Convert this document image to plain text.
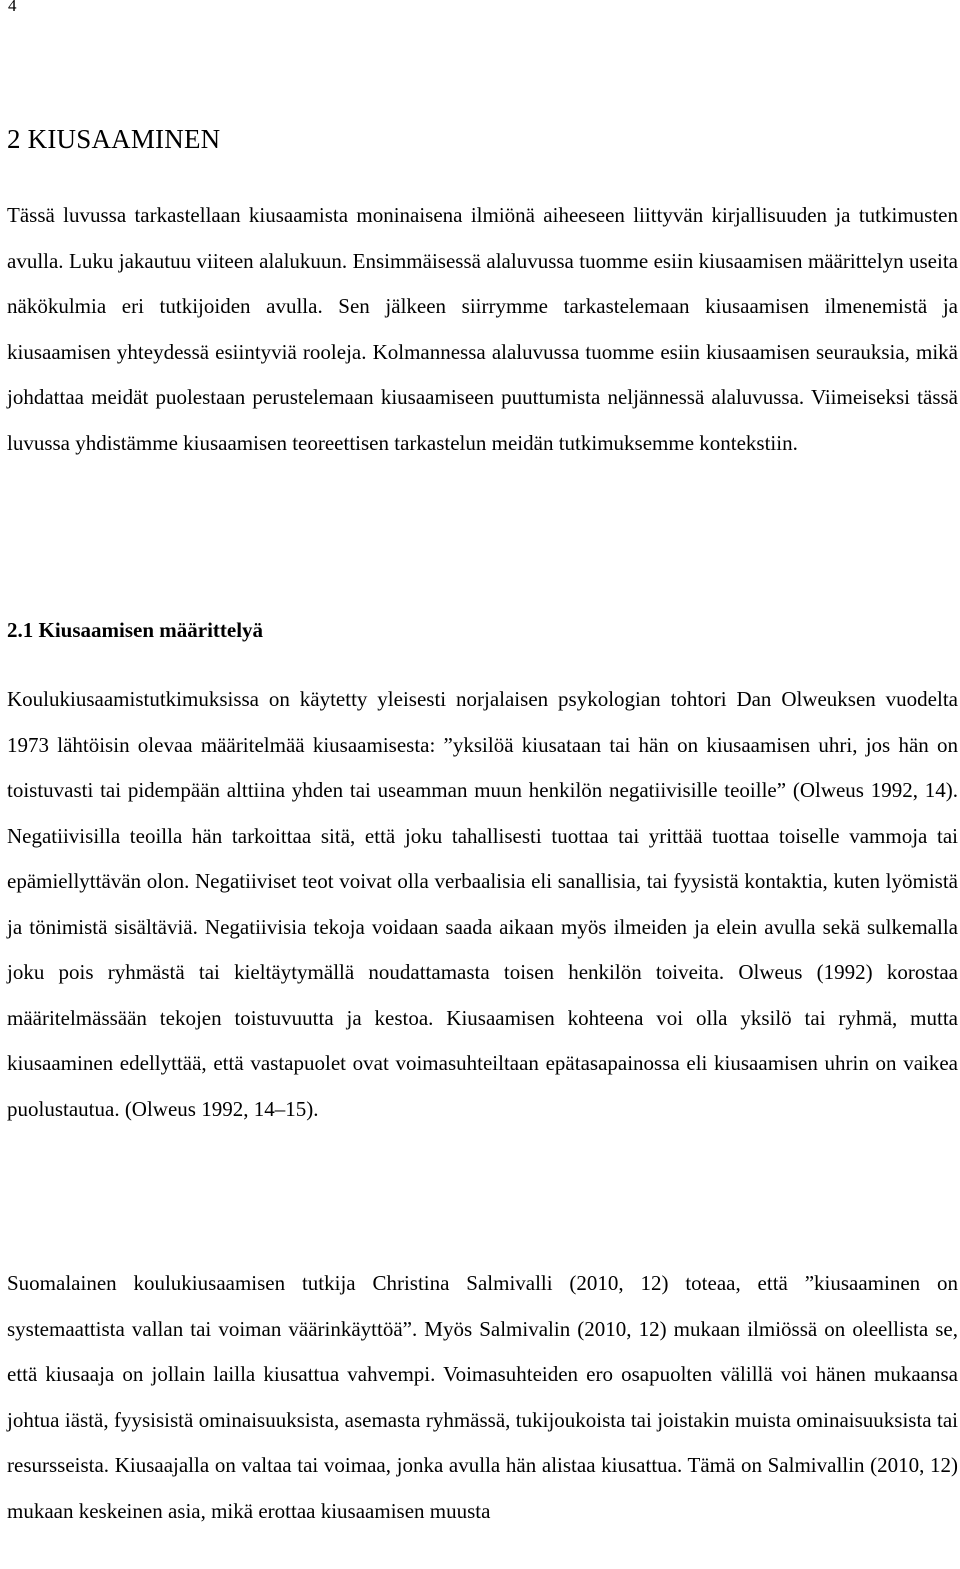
4
2 KIUSAAMINEN

Tässä luvussa tarkastellaan kiusaamista moninaisena ilmiönä aiheeseen liittyvän kirjallisuuden ja tutkimusten avulla. Luku jakautuu viiteen alalukuun. Ensimmäisessä alaluvussa tuomme esiin kiusaamisen määrittelyn useita näkökulmia eri tutkijoiden avulla. Sen jälkeen siirrymme tarkastelemaan kiusaamisen ilmenemistä ja kiusaamisen yhteydessä esiintyviä rooleja. Kolmannessa alaluvussa tuomme esiin kiusaamisen seurauksia, mikä johdattaa meidät puolestaan perustelemaan kiusaamiseen puuttumista neljännessä alaluvussa. Viimeiseksi tässä luvussa yhdistämme kiusaamisen teoreettisen tarkastelun meidän tutkimuksemme kontekstiin.

2.1 Kiusaamisen määrittelyä

Koulukiusaamistutkimuksissa on käytetty yleisesti norjalaisen psykologian tohtori Dan Olweuksen vuodelta 1973 lähtöisin olevaa määritelmää kiusaamisesta: ”yksilöä kiusataan tai hän on kiusaamisen uhri, jos hän on toistuvasti tai pidempään alttiina yhden tai useamman muun henkilön negatiivisille teoille” (Olweus 1992, 14). Negatiivisilla teoilla hän tarkoittaa sitä, että joku tahallisesti tuottaa tai yrittää tuottaa toiselle vammoja tai epämiellyttävän olon. Negatiiviset teot voivat olla verbaalisia eli sanallisia, tai fyysistä kontaktia, kuten lyömistä ja tönimistä sisältäviä. Negatiivisia tekoja voidaan saada aikaan myös ilmeiden ja elein avulla sekä sulkemalla joku pois ryhmästä tai kieltäytymällä noudattamasta toisen henkilön toiveita. Olweus (1992) korostaa määritelmässään tekojen toistuvuutta ja kestoa. Kiusaamisen kohteena voi olla yksilö tai ryhmä, mutta kiusaaminen edellyttää, että vastapuolet ovat voimasuhteiltaan epätasapainossa eli kiusaamisen uhrin on vaikea puolustautua. (Olweus 1992, 14–15).

Suomalainen koulukiusaamisen tutkija Christina Salmivalli (2010, 12) toteaa, että ”kiusaaminen on systemaattista vallan tai voiman väärinkäyttöä”. Myös Salmivalin (2010, 12) mukaan ilmiössä on oleellista se, että kiusaaja on jollain lailla kiusattua vahvempi. Voimasuhteiden ero osapuolten välillä voi hänen mukaansa johtua iästä, fyysisistä ominaisuuksista, asemasta ryhmässä, tukijoukoista tai joistakin muista ominaisuuksista tai resursseista. Kiusaajalla on valtaa tai voimaa, jonka avulla hän alistaa kiusattua. Tämä on Salmivallin (2010, 12) mukaan keskeinen asia, mikä erottaa kiusaamisen muusta
